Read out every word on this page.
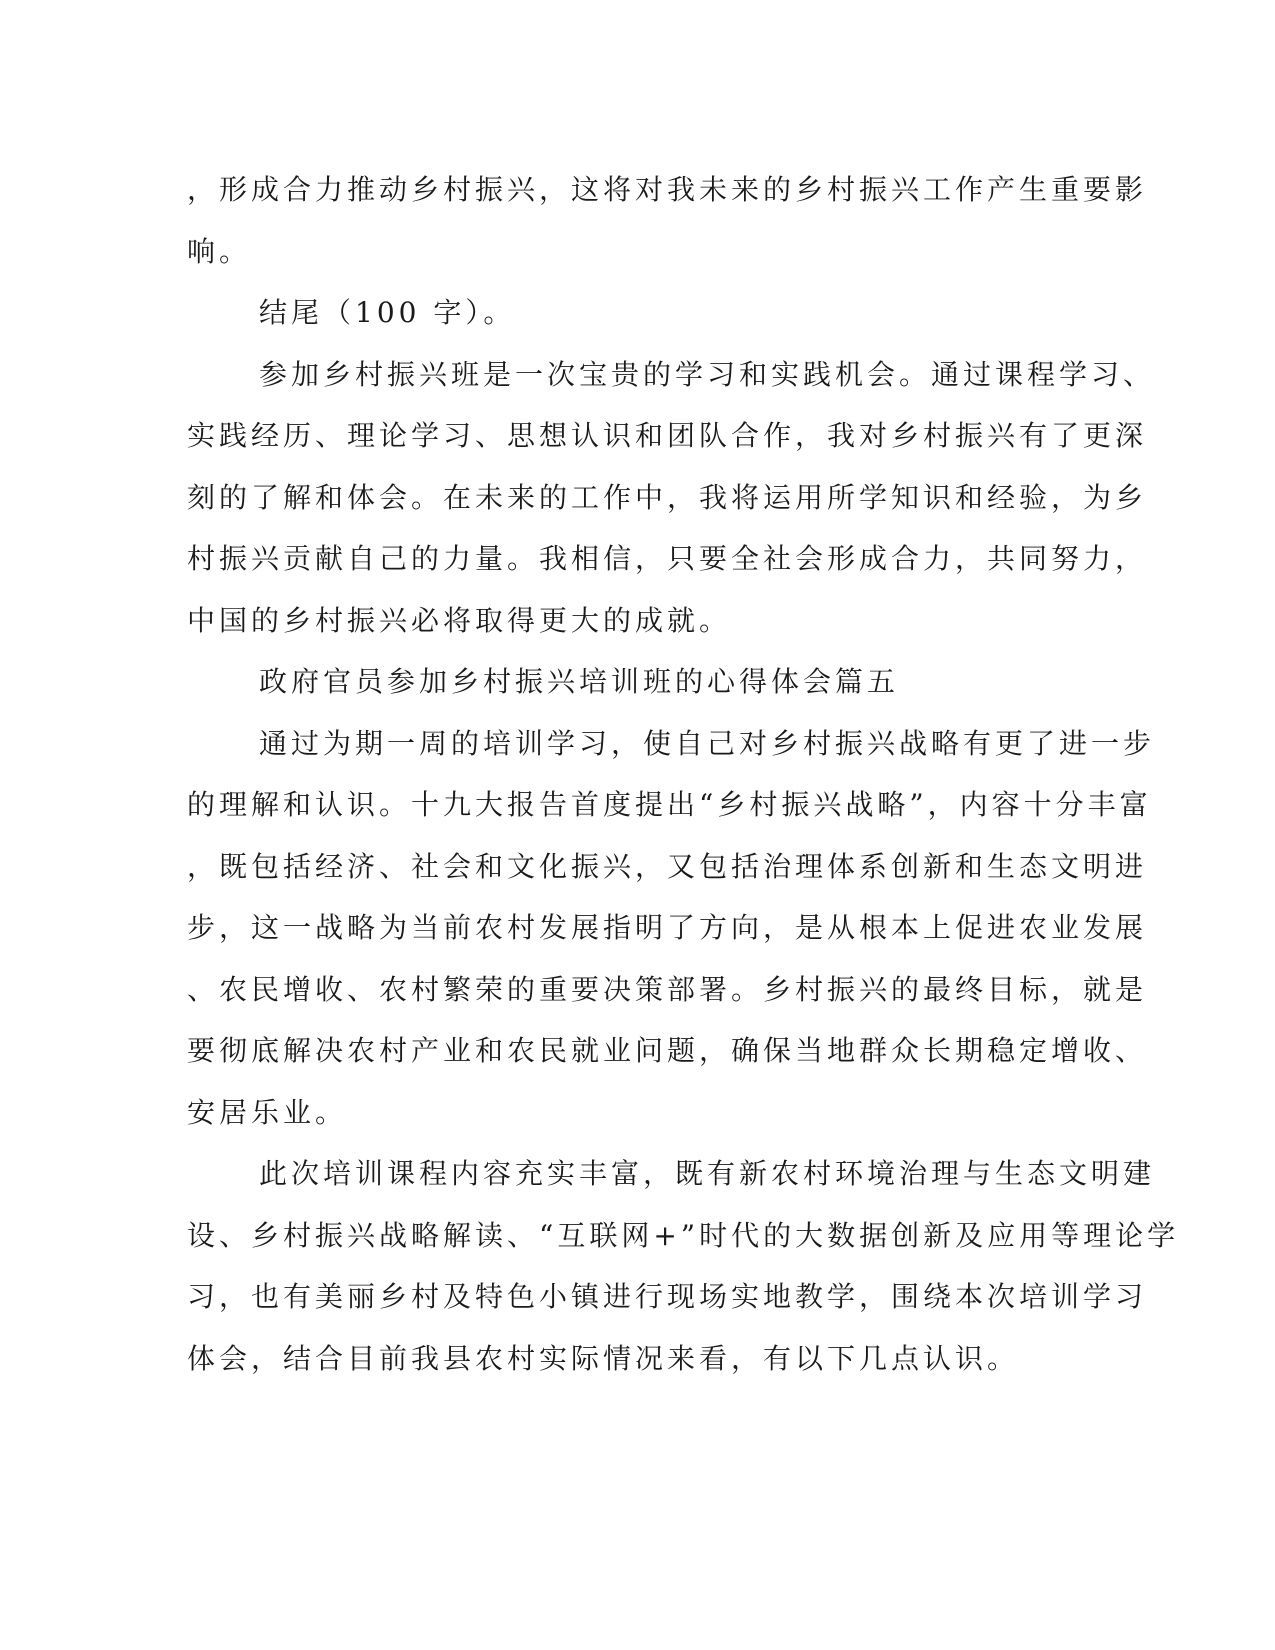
，形成合力推动乡村振兴，这将对我未来的乡村振兴工作产生重要影
响。
结尾（100 字）。
参加乡村振兴班是一次宝贵的学习和实践机会。通过课程学习、
实践经历、理论学习、思想认识和团队合作，我对乡村振兴有了更深
刻的了解和体会。在未来的工作中，我将运用所学知识和经验，为乡
村振兴贡献自己的力量。我相信，只要全社会形成合力，共同努力，
中国的乡村振兴必将取得更大的成就。
政府官员参加乡村振兴培训班的心得体会篇五
通过为期一周的培训学习，使自己对乡村振兴战略有更了进一步
的理解和认识。十九大报告首度提出“乡村振兴战略”，内容十分丰富
，既包括经济、社会和文化振兴，又包括治理体系创新和生态文明进
步，这一战略为当前农村发展指明了方向，是从根本上促进农业发展
、农民增收、农村繁荣的重要决策部署。乡村振兴的最终目标，就是
要彻底解决农村产业和农民就业问题，确保当地群众长期稳定增收、
安居乐业。
此次培训课程内容充实丰富，既有新农村环境治理与生态文明建
设、乡村振兴战略解读、“互联网+”时代的大数据创新及应用等理论学
习，也有美丽乡村及特色小镇进行现场实地教学，围绕本次培训学习
体会，结合目前我县农村实际情况来看，有以下几点认识。
